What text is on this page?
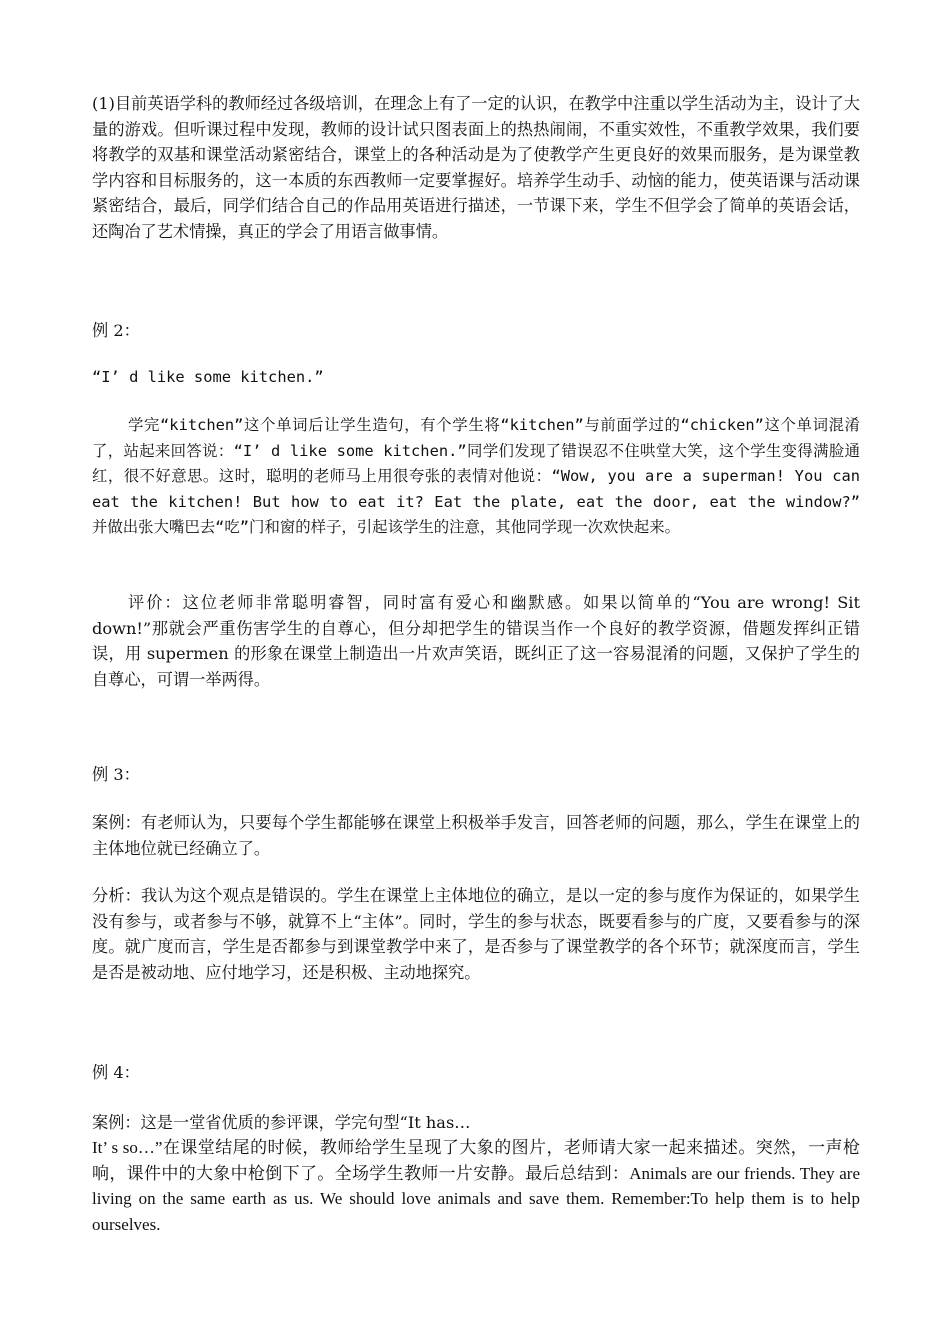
(1)目前英语学科的教师经过各级培训，在理念上有了一定的认识，在教学中注重以学生活动为主，设计了大量的游戏。但听课过程中发现，教师的设计试只图表面上的热热闹闹，不重实效性，不重教学效果，我们要将教学的双基和课堂活动紧密结合，课堂上的各种活动是为了使教学产生更良好的效果而服务，是为课堂教学内容和目标服务的，这一本质的东西教师一定要掌握好。培养学生动手、动恼的能力，使英语课与活动课紧密结合，最后，同学们结合自己的作品用英语进行描述，一节课下来，学生不但学会了简单的英语会话，还陶冶了艺术情操，真正的学会了用语言做事情。

例 2：

“I’ d like some kitchen.”

学完“kitchen”这个单词后让学生造句，有个学生将“kitchen”与前面学过的“chicken”这个单词混淆了，站起来回答说：“I’ d like some kitchen.”同学们发现了错误忍不住哄堂大笑，这个学生变得满脸通红，很不好意思。这时，聪明的老师马上用很夸张的表情对他说：“Wow, you are a superman! You can eat the kitchen! But how to eat it? Eat the plate, eat the door, eat the window?” 并做出张大嘴巴去“吃”门和窗的样子，引起该学生的注意，其他同学现一次欢快起来。

评价：这位老师非常聪明睿智，同时富有爱心和幽默感。如果以简单的“You are wrong! Sit down!”那就会严重伤害学生的自尊心，但分却把学生的错误当作一个良好的教学资源，借题发挥纠正错误，用 supermen 的形象在课堂上制造出一片欢声笑语，既纠正了这一容易混淆的问题，又保护了学生的自尊心，可谓一举两得。

例 3：

案例：有老师认为，只要每个学生都能够在课堂上积极举手发言，回答老师的问题，那么，学生在课堂上的主体地位就已经确立了。

分析：我认为这个观点是错误的。学生在课堂上主体地位的确立，是以一定的参与度作为保证的，如果学生没有参与，或者参与不够，就算不上“主体”。同时，学生的参与状态，既要看参与的广度，又要看参与的深度。就广度而言，学生是否都参与到课堂教学中来了，是否参与了课堂教学的各个环节；就深度而言，学生是否是被动地、应付地学习，还是积极、主动地探究。

例 4：

案例：这是一堂省优质的参评课，学完句型“It has…

It’ s so…”在课堂结尾的时候，教师给学生呈现了大象的图片，老师请大家一起来描述。突然，一声枪响，课件中的大象中枪倒下了。全场学生教师一片安静。最后总结到：Animals are our friends. They are living on the same earth as us. We should love animals and save them. Remember:To help them is to help ourselves.
